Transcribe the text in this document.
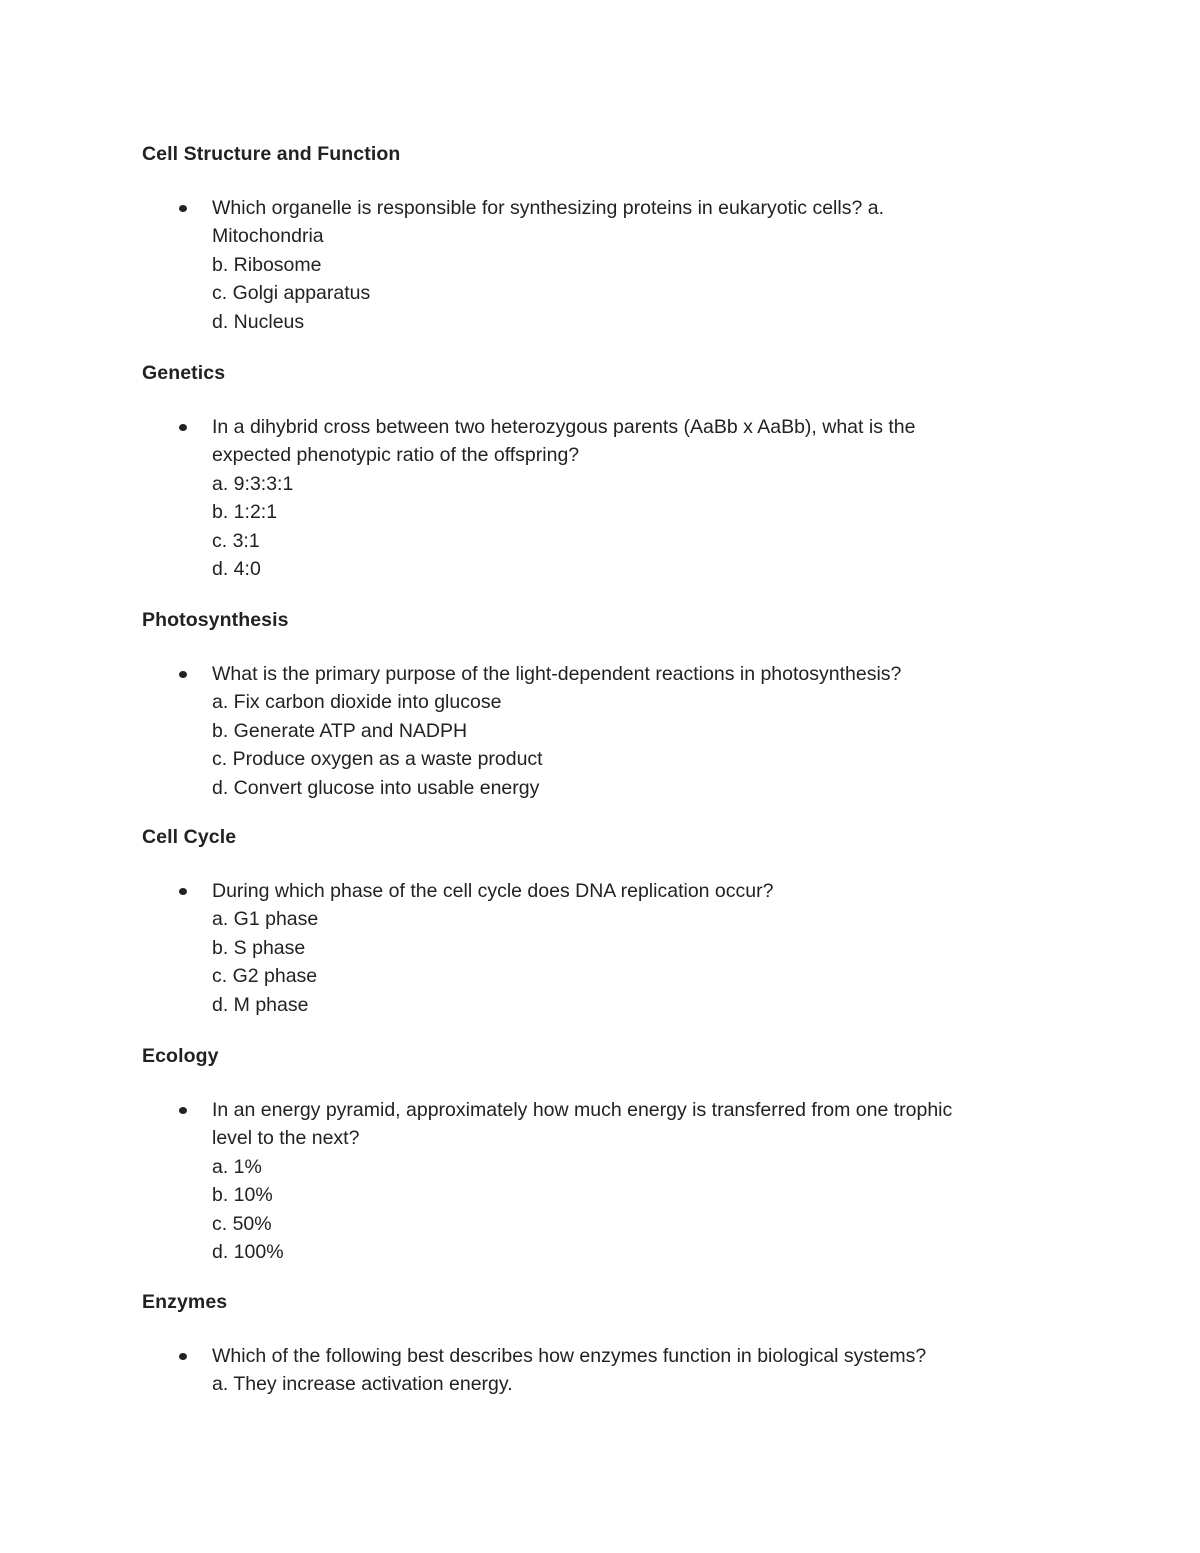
Cell Structure and Function
Which organelle is responsible for synthesizing proteins in eukaryotic cells? a.
Mitochondria
b. Ribosome
c. Golgi apparatus
d. Nucleus
Genetics
In a dihybrid cross between two heterozygous parents (AaBb x AaBb), what is the
expected phenotypic ratio of the offspring?
a. 9:3:3:1
b. 1:2:1
c. 3:1
d. 4:0
Photosynthesis
What is the primary purpose of the light-dependent reactions in photosynthesis?
a. Fix carbon dioxide into glucose
b. Generate ATP and NADPH
c. Produce oxygen as a waste product
d. Convert glucose into usable energy
Cell Cycle
During which phase of the cell cycle does DNA replication occur?
a. G1 phase
b. S phase
c. G2 phase
d. M phase
Ecology
In an energy pyramid, approximately how much energy is transferred from one trophic
level to the next?
a. 1%
b. 10%
c. 50%
d. 100%
Enzymes
Which of the following best describes how enzymes function in biological systems?
a. They increase activation energy.
